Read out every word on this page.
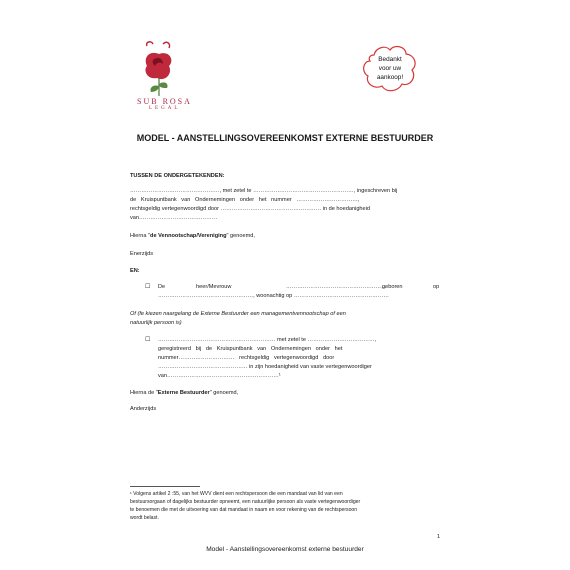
SUB ROSA
LEGAL
Bedankt
voor uw
aankoop!
MODEL - AANSTELLINGSOVEREENKOMST EXTERNE BESTUURDER
TUSSEN DE ONDERGETEKENDEN:
…………………………………………, met zetel te ………………………………………………, ingeschreven bij
de   Kruispuntbank   van   Ondernemingen   onder   het   nummer   ……………………………,
rechtsgeldig vertegenwoordigd door ……………………………………………… in de hoedanigheid
van……………………………………
Hierna "de Vennootschap/Vereniging" genoemd,
Enerzijds
EN:
☐ De	heer/Mevrouw	………………………………………………
geboren	op
……………………………………………, woonachtig op ……………………………………………
Of (fe kiezen naargelang de Externe Bestuurder een managementvennootschap of een
natuurlijk persoon is)
☐ ……………………………………………………… met zetel te ………………………………,
geregistreerd   bij   de   Kruispuntbank   van   Ondernemingen   onder   het
nummer…………………………   rechtsgeldig   vertegenwoordigd   door
………………………………………… in zijn hoedanigheid van vaste vertegenwoordiger
van……………………………………………………¹
Hierna de "Externe Bestuurder" genoemd,
Anderzijds
¹ Volgens artikel 2 :55, van het WVV dient een rechtspersoon die een mandaat van lid van een
bestuursorgaan of dagelijks bestuurder opneemt, een natuurlijke persoon als vaste vertegenwoordiger
te benoemen die met de uitvoering van dat mandaat in naam en voor rekening van de rechtspersoon
wordt belast.
1
Model - Aanstellingsovereenkomst externe bestuurder
